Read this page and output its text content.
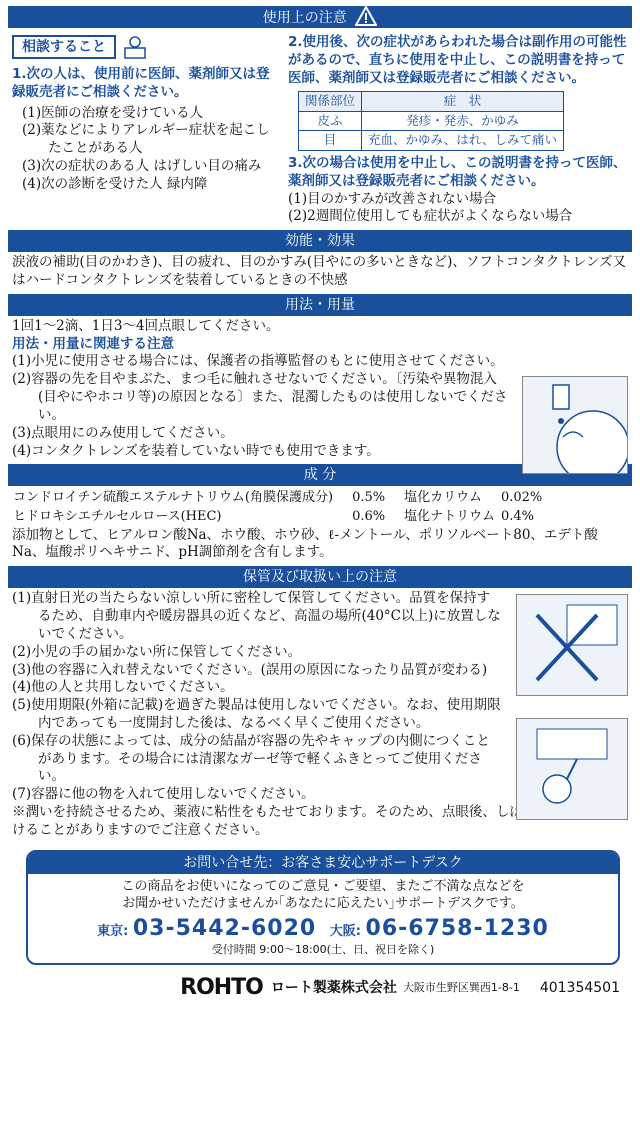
使用上の注意
相談すること
1.次の人は、使用前に医師、薬剤師又は登録販売者にご相談ください。
(1)医師の治療を受けている人
(2)薬などによりアレルギー症状を起こしたことがある人
(3)次の症状のある人 はげしい目の痛み
(4)次の診断を受けた人 緑内障
2.使用後、次の症状があらわれた場合は副作用の可能性があるので、直ちに使用を中止し、この説明書を持って医師、薬剤師又は登録販売者にご相談ください。
関係部位	症　状
皮ふ	発疹・発赤、かゆみ
目	充血、かゆみ、はれ、しみて痛い
3.次の場合は使用を中止し、この説明書を持って医師、薬剤師又は登録販売者にご相談ください。
(1)目のかすみが改善されない場合
(2)2週間位使用しても症状がよくならない場合
効能・効果
涙液の補助(目のかわき)、目の疲れ、目のかすみ(目やにの多いときなど)、ソフトコンタクトレンズ又はハードコンタクトレンズを装着しているときの不快感
用法・用量
1回1〜2滴、1日3〜4回点眼してください。
用法・用量に関連する注意
(1)小児に使用させる場合には、保護者の指導監督のもとに使用させてください。
(2)容器の先を目やまぶた、まつ毛に触れさせないでください。〔汚染や異物混入(目やにやホコリ等)の原因となる〕また、混濁したものは使用しないでください。
(3)点眼用にのみ使用してください。
(4)コンタクトレンズを装着していない時でも使用できます。
成 分
コンドロイチン硫酸エステルナトリウム(角膜保護成分)	0.5%	塩化カリウム	0.02%
ヒドロキシエチルセルロース(HEC)	0.6%	塩化ナトリウム	0.4%
添加物として、ヒアルロン酸Na、ホウ酸、ホウ砂、ℓ-メントール、ポリソルベート80、エデト酸Na、塩酸ポリヘキサニド、pH調節剤を含有します。
保管及び取扱い上の注意
(1)直射日光の当たらない涼しい所に密栓して保管してください。品質を保持するため、自動車内や暖房器具の近くなど、高温の場所(40°C以上)に放置しないでください。
(2)小児の手の届かない所に保管してください。
(3)他の容器に入れ替えないでください。(誤用の原因になったり品質が変わる)
(4)他の人と共用しないでください。
(5)使用期限(外箱に記載)を過ぎた製品は使用しないでください。なお、使用期限内であっても一度開封した後は、なるべく早くご使用ください。
(6)保存の状態によっては、成分の結晶が容器の先やキャップの内側につくことがあります。その場合には清潔なガーゼ等で軽くふきとってご使用ください。
(7)容器に他の物を入れて使用しないでください。
※潤いを持続させるため、薬液に粘性をもたせております。そのため、点眼後、しばらく視野がぼやけることがありますのでご注意ください。
お問い合せ先：お客さま安心サポートデスク
この商品をお使いになってのご意見・ご要望、またご不満な点などを
お聞かせいただけませんか｢あなたに応えたい｣サポートデスクです。
東京: 03-5442-6020 大阪: 06-6758-1230
受付時間 9:00〜18:00(土、日、祝日を除く)
ROHTO ロート製薬株式会社 大阪市生野区巽西1-8-1 401354501
